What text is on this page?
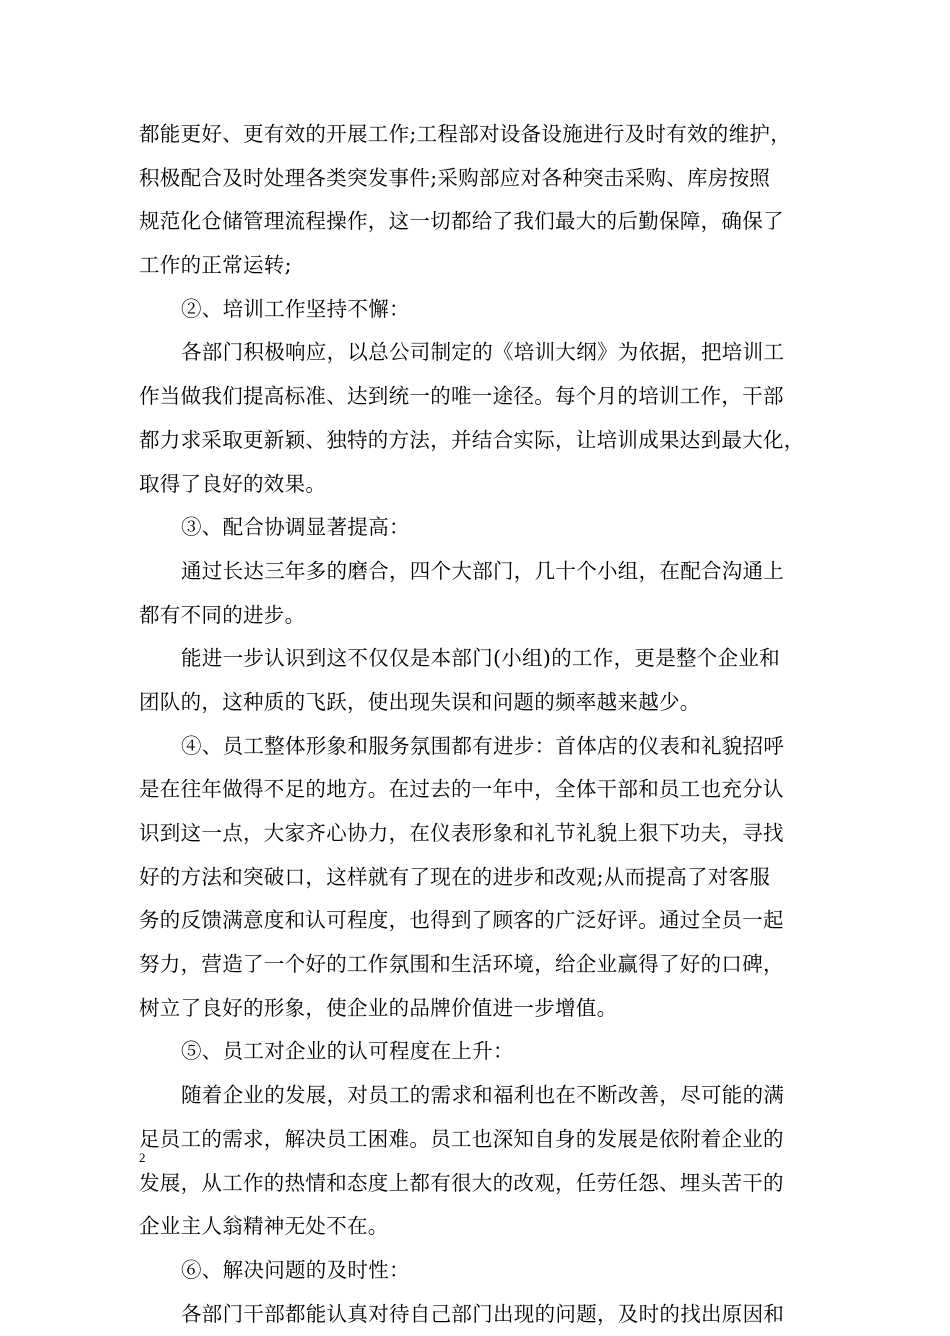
都能更好、更有效的开展工作;工程部对设备设施进行及时有效的维护，
积极配合及时处理各类突发事件;采购部应对各种突击采购、库房按照
规范化仓储管理流程操作，这一切都给了我们最大的后勤保障，确保了
工作的正常运转;
②、培训工作坚持不懈：
各部门积极响应，以总公司制定的《培训大纲》为依据，把培训工
作当做我们提高标准、达到统一的唯一途径。每个月的培训工作，干部
都力求采取更新颖、独特的方法，并结合实际，让培训成果达到最大化，
取得了良好的效果。
③、配合协调显著提高：
通过长达三年多的磨合，四个大部门，几十个小组，在配合沟通上
都有不同的进步。
能进一步认识到这不仅仅是本部门(小组)的工作，更是整个企业和
团队的，这种质的飞跃，使出现失误和问题的频率越来越少。
④、员工整体形象和服务氛围都有进步：首体店的仪表和礼貌招呼
是在往年做得不足的地方。在过去的一年中，全体干部和员工也充分认
识到这一点，大家齐心协力，在仪表形象和礼节礼貌上狠下功夫，寻找
好的方法和突破口，这样就有了现在的进步和改观;从而提高了对客服
务的反馈满意度和认可程度，也得到了顾客的广泛好评。通过全员一起
努力，营造了一个好的工作氛围和生活环境，给企业赢得了好的口碑，
树立了良好的形象，使企业的品牌价值进一步增值。
⑤、员工对企业的认可程度在上升：
随着企业的发展，对员工的需求和福利也在不断改善，尽可能的满
足员工的需求，解决员工困难。员工也深知自身的发展是依附着企业的
发展，从工作的热情和态度上都有很大的改观，任劳任怨、埋头苦干的
企业主人翁精神无处不在。
⑥、解决问题的及时性：
各部门干部都能认真对待自己部门出现的问题，及时的找出原因和
2
